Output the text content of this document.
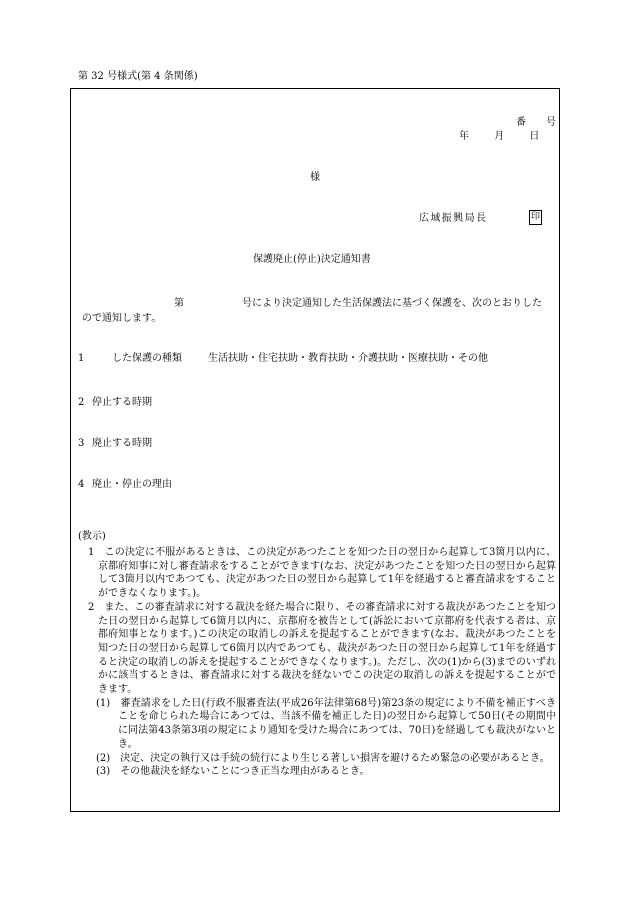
第 32 号様式(第 4 条関係)
番　　号
年	月	日
様
広域振興局長	印
保護廃止(停止)決定通知書
第	号により決定通知した生活保護法に基づく保護を、次のとおりしたので通知します。
1　　した保護の種類	生活扶助・住宅扶助・教育扶助・介護扶助・医療扶助・その他
2 停止する時期
3 廃止する時期
4 廃止・停止の理由
(教示)
1　この決定に不服があるときは、この決定があつたことを知つた日の翌日から起算して3箇月以内に、京都府知事に対し審査請求をすることができます(なお、決定があつたことを知つた日の翌日から起算して3箇月以内であつても、決定があつた日の翌日から起算して1年を経過すると審査請求をすることができなくなります。)。
2　また、この審査請求に対する裁決を経た場合に限り、その審査請求に対する裁決があつたことを知つた日の翌日から起算して6箇月以内に、京都府を被告として(訴訟において京都府を代表する者は、京都府知事となります。)この決定の取消しの訴えを提起することができます(なお、裁決があつたことを知つた日の翌日から起算して6箇月以内であつても、裁決があつた日の翌日から起算して1年を経過すると決定の取消しの訴えを提起することができなくなります。)。ただし、次の(1)から(3)までのいずれかに該当するときは、審査請求に対する裁決を経ないでこの決定の取消しの訴えを提起することができます。
(1)　審査請求をした日(行政不服審査法(平成26年法律第68号)第23条の規定により不備を補正すべきことを命じられた場合にあつては、当該不備を補正した日)の翌日から起算して50日(その期間中に同法第43条第3項の規定により通知を受けた場合にあつては、70日)を経過しても裁決がないとき。
(2)　決定、決定の執行又は手続の続行により生じる著しい損害を避けるため緊急の必要があるとき。
(3)　その他裁決を経ないことにつき正当な理由があるとき。
